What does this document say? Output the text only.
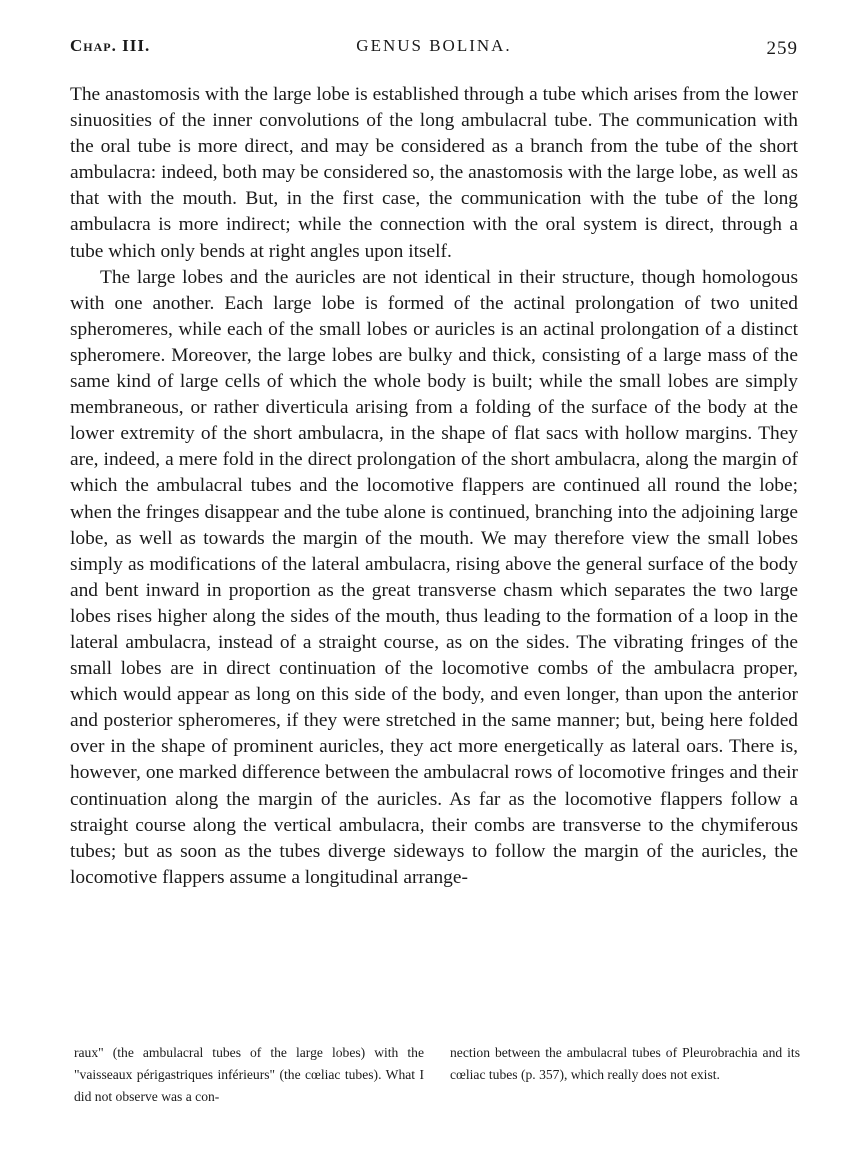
Chap. III.	GENUS BOLINA.	259

The anastomosis with the large lobe is established through a tube which arises from the lower sinuosities of the inner convolutions of the long ambulacral tube. The communication with the oral tube is more direct, and may be considered as a branch from the tube of the short ambulacra: indeed, both may be considered so, the anastomosis with the large lobe, as well as that with the mouth. But, in the first case, the communication with the tube of the long ambulacra is more indirect; while the connection with the oral system is direct, through a tube which only bends at right angles upon itself.

The large lobes and the auricles are not identical in their structure, though homologous with one another. Each large lobe is formed of the actinal prolongation of two united spheromeres, while each of the small lobes or auricles is an actinal prolongation of a distinct spheromere. Moreover, the large lobes are bulky and thick, consisting of a large mass of the same kind of large cells of which the whole body is built; while the small lobes are simply membraneous, or rather diverticula arising from a folding of the surface of the body at the lower extremity of the short ambulacra, in the shape of flat sacs with hollow margins. They are, indeed, a mere fold in the direct prolongation of the short ambulacra, along the margin of which the ambulacral tubes and the locomotive flappers are continued all round the lobe; when the fringes disappear and the tube alone is continued, branching into the adjoining large lobe, as well as towards the margin of the mouth. We may therefore view the small lobes simply as modifications of the lateral ambulacra, rising above the general surface of the body and bent inward in proportion as the great transverse chasm which separates the two large lobes rises higher along the sides of the mouth, thus leading to the formation of a loop in the lateral ambulacra, instead of a straight course, as on the sides. The vibrating fringes of the small lobes are in direct continuation of the locomotive combs of the ambulacra proper, which would appear as long on this side of the body, and even longer, than upon the anterior and posterior spheromeres, if they were stretched in the same manner; but, being here folded over in the shape of prominent auricles, they act more energetically as lateral oars. There is, however, one marked difference between the ambulacral rows of locomotive fringes and their continuation along the margin of the auricles. As far as the locomotive flappers follow a straight course along the vertical ambulacra, their combs are transverse to the chymiferous tubes; but as soon as the tubes diverge sideways to follow the margin of the auricles, the locomotive flappers assume a longitudinal arrange-

raux" (the ambulacral tubes of the large lobes) with the "vaisseaux périgastriques inférieurs" (the cœliac tubes). What I did not observe was a con-
nection between the ambulacral tubes of Pleurobrachia and its cœliac tubes (p. 357), which really does not exist.
